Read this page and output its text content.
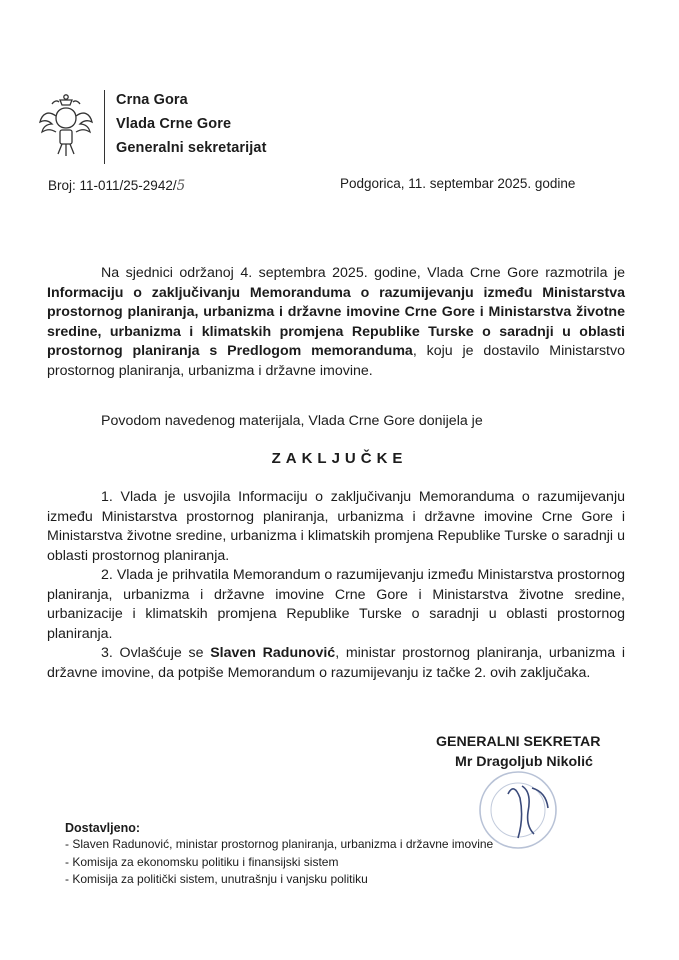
Crna Gora
Vlada Crne Gore
Generalni sekretarijat
Broj: 11-011/25-2942/5	Podgorica, 11. septembar 2025. godine
Na sjednici održanoj 4. septembra 2025. godine, Vlada Crne Gore razmotrila je Informaciju o zaključivanju Memoranduma o razumijevanju između Ministarstva prostornog planiranja, urbanizma i državne imovine Crne Gore i Ministarstva životne sredine, urbanizma i klimatskih promjena Republike Turske o saradnji u oblasti prostornog planiranja s Predlogom memoranduma, koju je dostavilo Ministarstvo prostornog planiranja, urbanizma i državne imovine.
Povodom navedenog materijala, Vlada Crne Gore donijela je
ZAKLJUČKE

1. Vlada je usvojila Informaciju o zaključivanju Memoranduma o razumijevanju između Ministarstva prostornog planiranja, urbanizma i državne imovine Crne Gore i Ministarstva životne sredine, urbanizma i klimatskih promjena Republike Turske o saradnji u oblasti prostornog planiranja.

2. Vlada je prihvatila Memorandum o razumijevanju između Ministarstva prostornog planiranja, urbanizma i državne imovine Crne Gore i Ministarstva životne sredine, urbanizacije i klimatskih promjena Republike Turske o saradnji u oblasti prostornog planiranja.

3. Ovlašćuje se Slaven Radunović, ministar prostornog planiranja, urbanizma i državne imovine, da potpiše Memorandum o razumijevanju iz tačke 2. ovih zaključaka.

GENERALNI SEKRETAR
Mr Dragoljub Nikolić
Dostavljeno:
- Slaven Radunović, ministar prostornog planiranja, urbanizma i državne imovine
- Komisija za ekonomsku politiku i finansijski sistem
- Komisija za politički sistem, unutrašnju i vanjsku politiku
